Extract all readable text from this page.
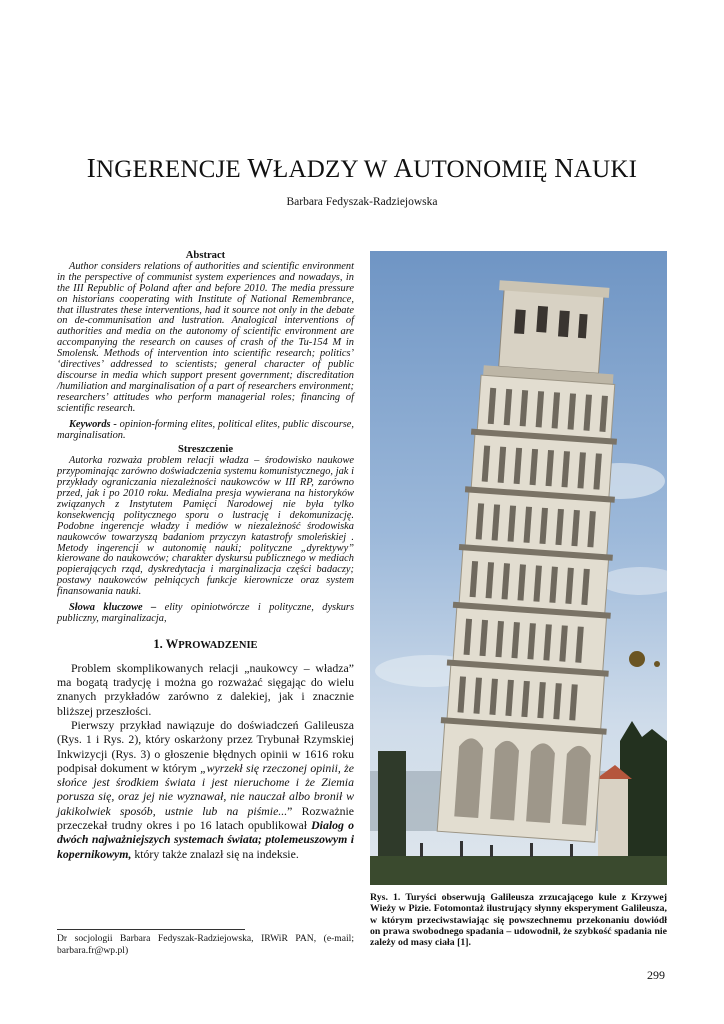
INGERENCJE WŁADZY W AUTONOMIĘ NAUKI
Barbara Fedyszak-Radziejowska

Abstract

Author considers relations of authorities and scientific environment in the perspective of communist system experiences and nowadays, in the III Republic of Poland after and before 2010. The media pressure on historians cooperating with Institute of National Remembrance, that illustrates these interventions, had it source not only in the debate on de-communisation and lustration. Analogical interventions of authorities and media on the autonomy of scientific environment are accompanying the research on causes of crash of the Tu-154 M in Smolensk. Methods of intervention into scientific research; politics’ ‘directives’ addressed to scientists; general character of public discourse in media which support present government; discreditation /humiliation and marginalisation of a part of researchers environment; researchers’ attitudes who perform managerial roles; financing of scientific research.

Keywords - opinion-forming elites, political elites, public discourse, marginalisation.

Streszczenie

Autorka rozważa problem relacji władza – środowisko naukowe przypominając zarówno doświadczenia systemu komunistycznego, jak i przykłady ograniczania niezależności naukowców w III RP, zarówno przed, jak i po 2010 roku. Medialna presja wywierana na historyków związanych z Instytutem Pamięci Narodowej nie była tylko konsekwencją politycznego sporu o lustrację i dekomunizację. Podobne ingerencje władzy i mediów w niezależność środowiska naukowców towarzyszą badaniom przyczyn katastrofy smoleńskiej . Metody ingerencji w autonomię nauki; polityczne „dyrektywy” kierowane do naukowców; charakter dyskursu publicznego w mediach popierających rząd, dyskredytacja i marginalizacja części badaczy; postawy naukowców pełniących funkcje kierownicze oraz system finansowania nauki.

Słowa kluczowe – elity opiniotwórcze i polityczne, dyskurs publiczny, marginalizacja,

1. WPROWADZENIE

Problem skomplikowanych relacji „naukowcy – władza” ma bogatą tradycję i można go rozważać sięgając do wielu znanych przykładów zarówno z dalekiej, jak i znacznie bliższej przeszłości.

Pierwszy przykład nawiązuje do doświadczeń Galileusza (Rys. 1 i Rys. 2), który oskarżony przez Trybunał Rzymskiej Inkwizycji (Rys. 3) o głoszenie błędnych opinii w 1616 roku podpisał dokument w którym „wyrzekł się rzeczonej opinii, że słońce jest środkiem świata i jest nieruchome i że Ziemia porusza się, oraz jej nie wyznawał, nie nauczał albo bronił w jakikolwiek sposób, ustnie lub na piśmie...” Rozważnie przeczekał trudny okres i po 16 latach opublikował Dialog o dwóch najważniejszych systemach świata; ptolemeuszowym i kopernikowym, który także znalazł się na indeksie.

Dr socjologii Barbara Fedyszak-Radziejowska, IRWiR PAN, (e-mail; barbara.fr@wp.pl)
Rys. 1. Turyści obserwują Galileusza zrzucającego kule z Krzywej Wieży w Pizie. Fotomontaż ilustrujący słynny eksperyment Galileusza, w którym przeciwstawiając się powszechnemu przekonaniu dowiódł on prawa swobodnego spadania – udowodnił, że szybkość spadania nie zależy od masy ciała [1].
299
